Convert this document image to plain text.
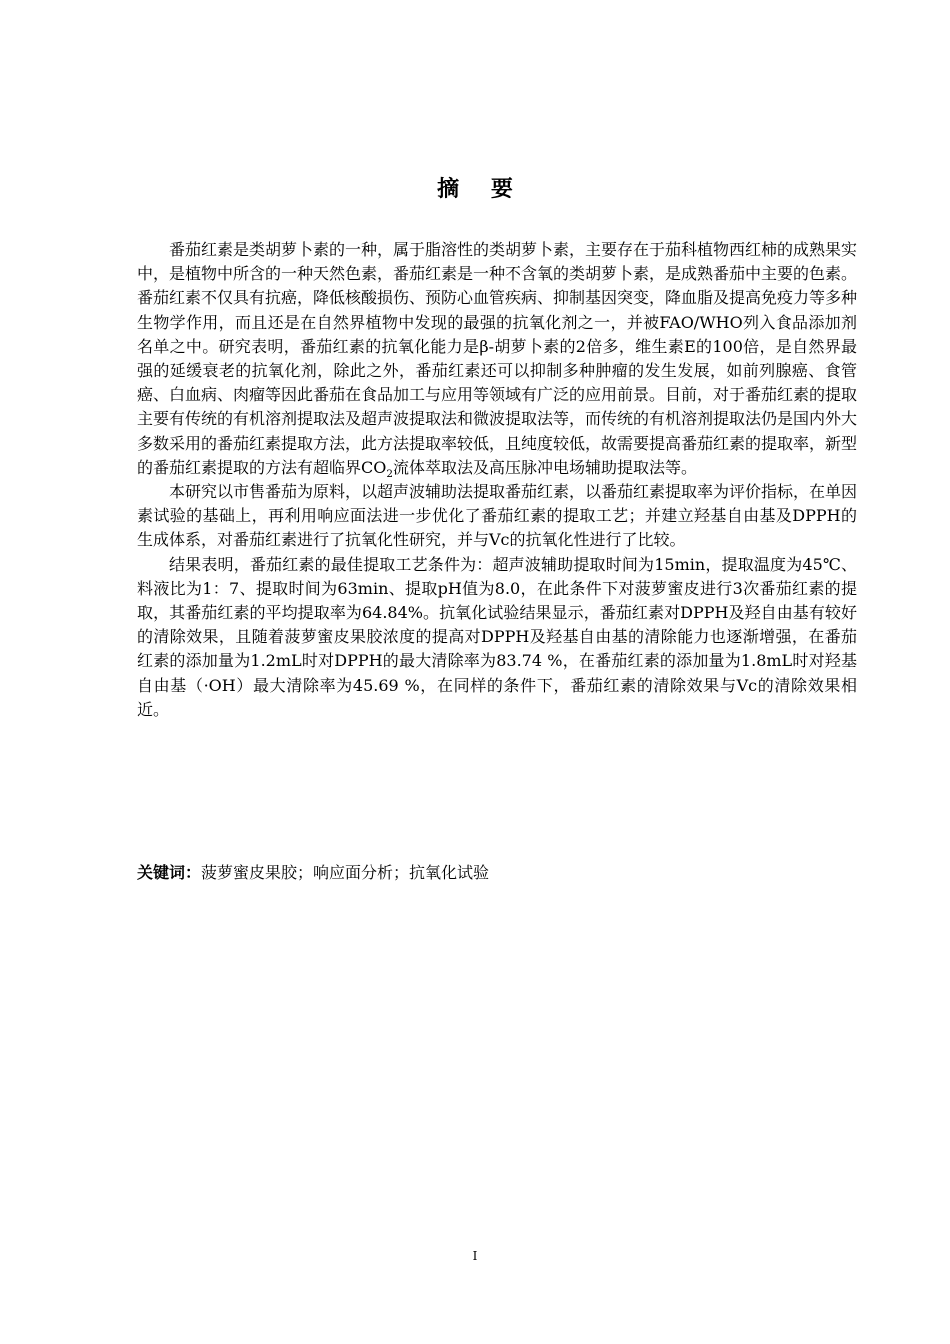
摘 要

番茄红素是类胡萝卜素的一种，属于脂溶性的类胡萝卜素，主要存在于茄科植物西红柿的成熟果实中，是植物中所含的一种天然色素，番茄红素是一种不含氧的类胡萝卜素，是成熟番茄中主要的色素。番茄红素不仅具有抗癌，降低核酸损伤、预防心血管疾病、抑制基因突变，降血脂及提高免疫力等多种生物学作用，而且还是在自然界植物中发现的最强的抗氧化剂之一，并被FAO/WHO列入食品添加剂名单之中。研究表明，番茄红素的抗氧化能力是β-胡萝卜素的2倍多，维生素E的100倍，是自然界最强的延缓衰老的抗氧化剂，除此之外，番茄红素还可以抑制多种肿瘤的发生发展，如前列腺癌、食管癌、白血病、肉瘤等因此番茄在食品加工与应用等领域有广泛的应用前景。目前，对于番茄红素的提取主要有传统的有机溶剂提取法及超声波提取法和微波提取法等，而传统的有机溶剂提取法仍是国内外大多数采用的番茄红素提取方法，此方法提取率较低，且纯度较低，故需要提高番茄红素的提取率，新型的番茄红素提取的方法有超临界$CO_2$流体萃取法及高压脉冲电场辅助提取法等。

本研究以市售番茄为原料，以超声波辅助法提取番茄红素，以番茄红素提取率为评价指标，在单因素试验的基础上，再利用响应面法进一步优化了番茄红素的提取工艺；并建立羟基自由基及DPPH的生成体系，对番茄红素进行了抗氧化性研究，并与Vc的抗氧化性进行了比较。

结果表明，番茄红素的最佳提取工艺条件为：超声波辅助提取时间为15min，提取温度为45℃、料液比为1：7、提取时间为63min、提取pH值为8.0，在此条件下对菠萝蜜皮进行3次番茄红素的提取，其番茄红素的平均提取率为64.84%。抗氧化试验结果显示，番茄红素对DPPH及羟自由基有较好的清除效果，且随着菠萝蜜皮果胶浓度的提高对DPPH及羟基自由基的清除能力也逐渐增强，在番茄红素的添加量为1.2mL时对DPPH的最大清除率为83.74 %，在番茄红素的添加量为1.8mL时对羟基自由基（·OH）最大清除率为45.69 %，在同样的条件下，番茄红素的清除效果与Vc的清除效果相近。

关键词：菠萝蜜皮果胶；响应面分析；抗氧化试验
I
